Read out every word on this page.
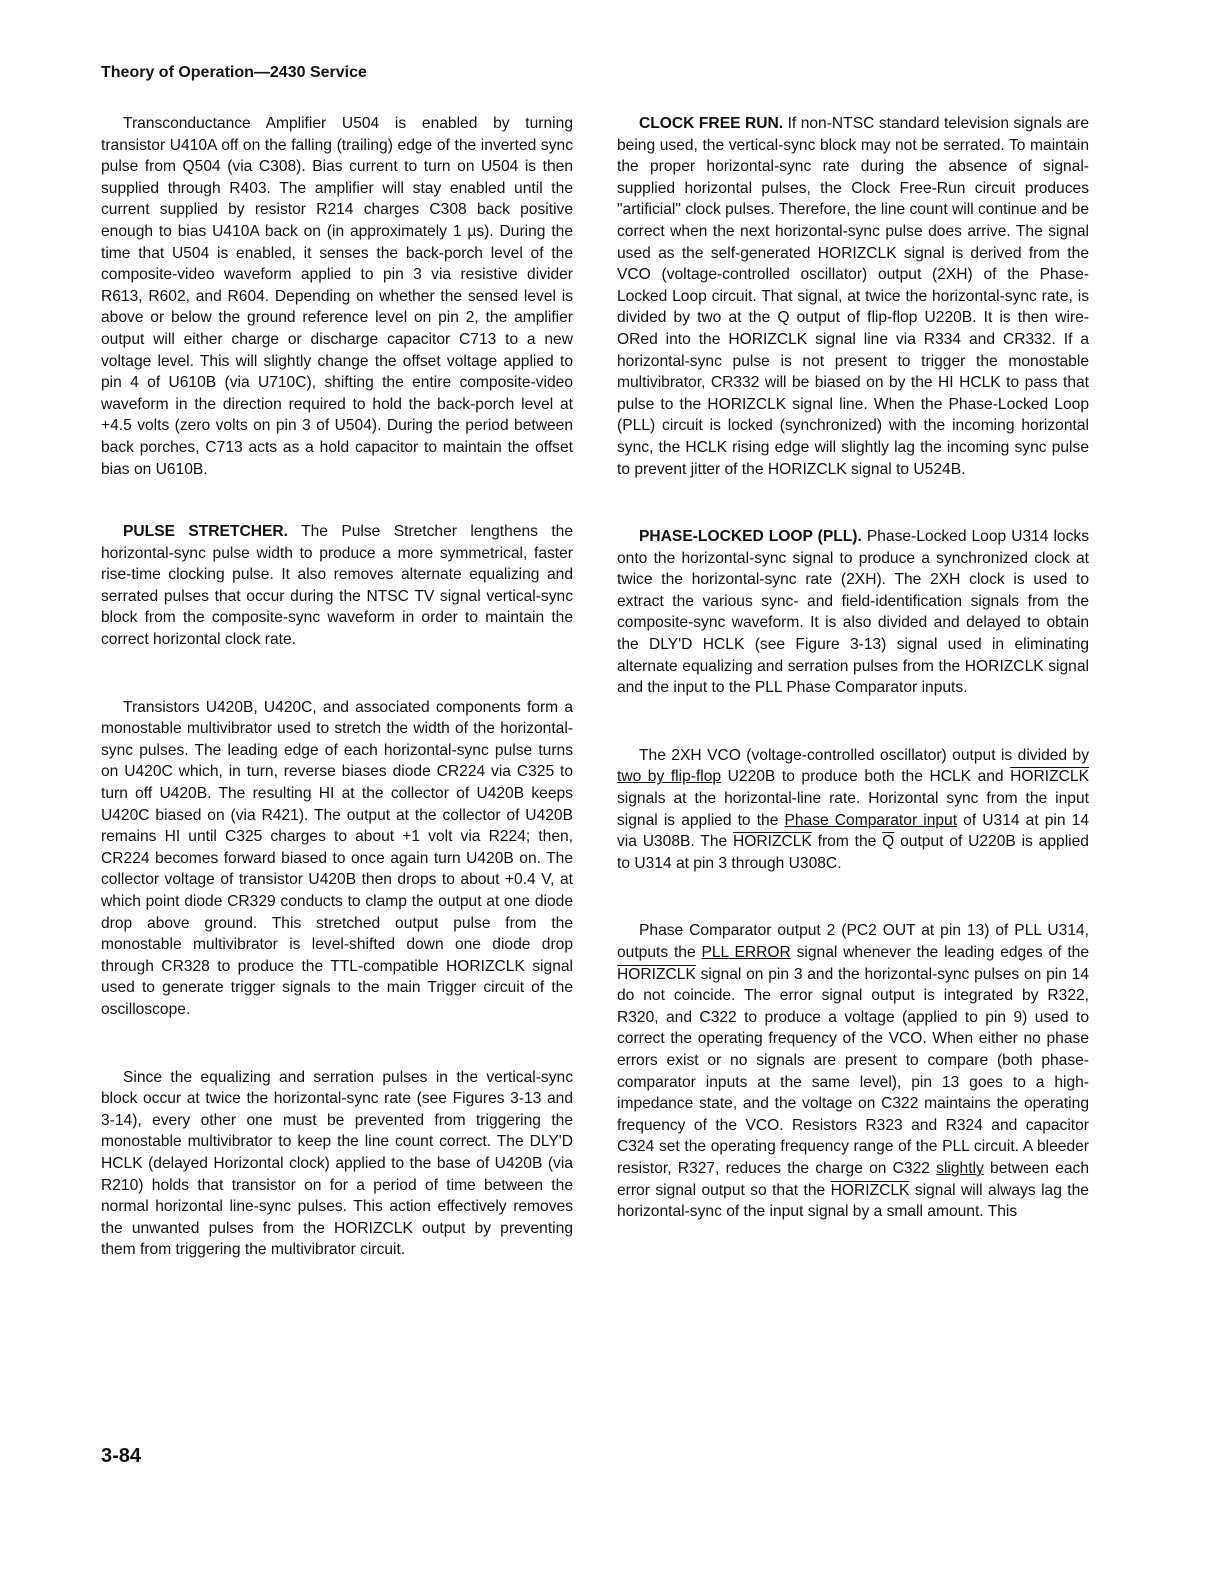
Theory of Operation—2430 Service

Transconductance Amplifier U504 is enabled by turning transistor U410A off on the falling (trailing) edge of the inverted sync pulse from Q504 (via C308). Bias current to turn on U504 is then supplied through R403. The amplifier will stay enabled until the current supplied by resistor R214 charges C308 back positive enough to bias U410A back on (in approximately 1 µs). During the time that U504 is enabled, it senses the back-porch level of the composite-video waveform applied to pin 3 via resistive divider R613, R602, and R604. Depending on whether the sensed level is above or below the ground reference level on pin 2, the amplifier output will either charge or discharge capacitor C713 to a new voltage level. This will slightly change the offset voltage applied to pin 4 of U610B (via U710C), shifting the entire composite-video waveform in the direction required to hold the back-porch level at +4.5 volts (zero volts on pin 3 of U504). During the period between back porches, C713 acts as a hold capacitor to maintain the offset bias on U610B.

PULSE STRETCHER. The Pulse Stretcher lengthens the horizontal-sync pulse width to produce a more symmetrical, faster rise-time clocking pulse. It also removes alternate equalizing and serrated pulses that occur during the NTSC TV signal vertical-sync block from the composite-sync waveform in order to maintain the correct horizontal clock rate.

Transistors U420B, U420C, and associated components form a monostable multivibrator used to stretch the width of the horizontal-sync pulses. The leading edge of each horizontal-sync pulse turns on U420C which, in turn, reverse biases diode CR224 via C325 to turn off U420B. The resulting HI at the collector of U420B keeps U420C biased on (via R421). The output at the collector of U420B remains HI until C325 charges to about +1 volt via R224; then, CR224 becomes forward biased to once again turn U420B on. The collector voltage of transistor U420B then drops to about +0.4 V, at which point diode CR329 conducts to clamp the output at one diode drop above ground. This stretched output pulse from the monostable multivibrator is level-shifted down one diode drop through CR328 to produce the TTL-compatible HORIZCLK signal used to generate trigger signals to the main Trigger circuit of the oscilloscope.

Since the equalizing and serration pulses in the vertical-sync block occur at twice the horizontal-sync rate (see Figures 3-13 and 3-14), every other one must be prevented from triggering the monostable multivibrator to keep the line count correct. The DLY'D HCLK (delayed Horizontal clock) applied to the base of U420B (via R210) holds that transistor on for a period of time between the normal horizontal line-sync pulses. This action effectively removes the unwanted pulses from the HORIZCLK output by preventing them from triggering the multivibrator circuit.

CLOCK FREE RUN. If non-NTSC standard television signals are being used, the vertical-sync block may not be serrated. To maintain the proper horizontal-sync rate during the absence of signal-supplied horizontal pulses, the Clock Free-Run circuit produces "artificial" clock pulses. Therefore, the line count will continue and be correct when the next horizontal-sync pulse does arrive. The signal used as the self-generated HORIZCLK signal is derived from the VCO (voltage-controlled oscillator) output (2XH) of the Phase-Locked Loop circuit. That signal, at twice the horizontal-sync rate, is divided by two at the Q output of flip-flop U220B. It is then wire-ORed into the HORIZCLK signal line via R334 and CR332. If a horizontal-sync pulse is not present to trigger the monostable multivibrator, CR332 will be biased on by the HI HCLK to pass that pulse to the HORIZCLK signal line. When the Phase-Locked Loop (PLL) circuit is locked (synchronized) with the incoming horizontal sync, the HCLK rising edge will slightly lag the incoming sync pulse to prevent jitter of the HORIZCLK signal to U524B.

PHASE-LOCKED LOOP (PLL). Phase-Locked Loop U314 locks onto the horizontal-sync signal to produce a synchronized clock at twice the horizontal-sync rate (2XH). The 2XH clock is used to extract the various sync- and field-identification signals from the composite-sync waveform. It is also divided and delayed to obtain the DLY'D HCLK (see Figure 3-13) signal used in eliminating alternate equalizing and serration pulses from the HORIZCLK signal and the input to the PLL Phase Comparator inputs.

The 2XH VCO (voltage-controlled oscillator) output is divided by two by flip-flop U220B to produce both the HCLK and HORIZCLK signals at the horizontal-line rate. Horizontal sync from the input signal is applied to the Phase Comparator input of U314 at pin 14 via U308B. The HORIZCLK from the $\overline{Q}$ output of U220B is applied to U314 at pin 3 through U308C.

Phase Comparator output 2 (PC2 OUT at pin 13) of PLL U314, outputs the PLL ERROR signal whenever the leading edges of the HORIZCLK signal on pin 3 and the horizontal-sync pulses on pin 14 do not coincide. The error signal output is integrated by R322, R320, and C322 to produce a voltage (applied to pin 9) used to correct the operating frequency of the VCO. When either no phase errors exist or no signals are present to compare (both phase-comparator inputs at the same level), pin 13 goes to a high-impedance state, and the voltage on C322 maintains the operating frequency of the VCO. Resistors R323 and R324 and capacitor C324 set the operating frequency range of the PLL circuit. A bleeder resistor, R327, reduces the charge on C322 slightly between each error signal output so that the HORIZCLK signal will always lag the horizontal-sync of the input signal by a small amount. This

3-84
